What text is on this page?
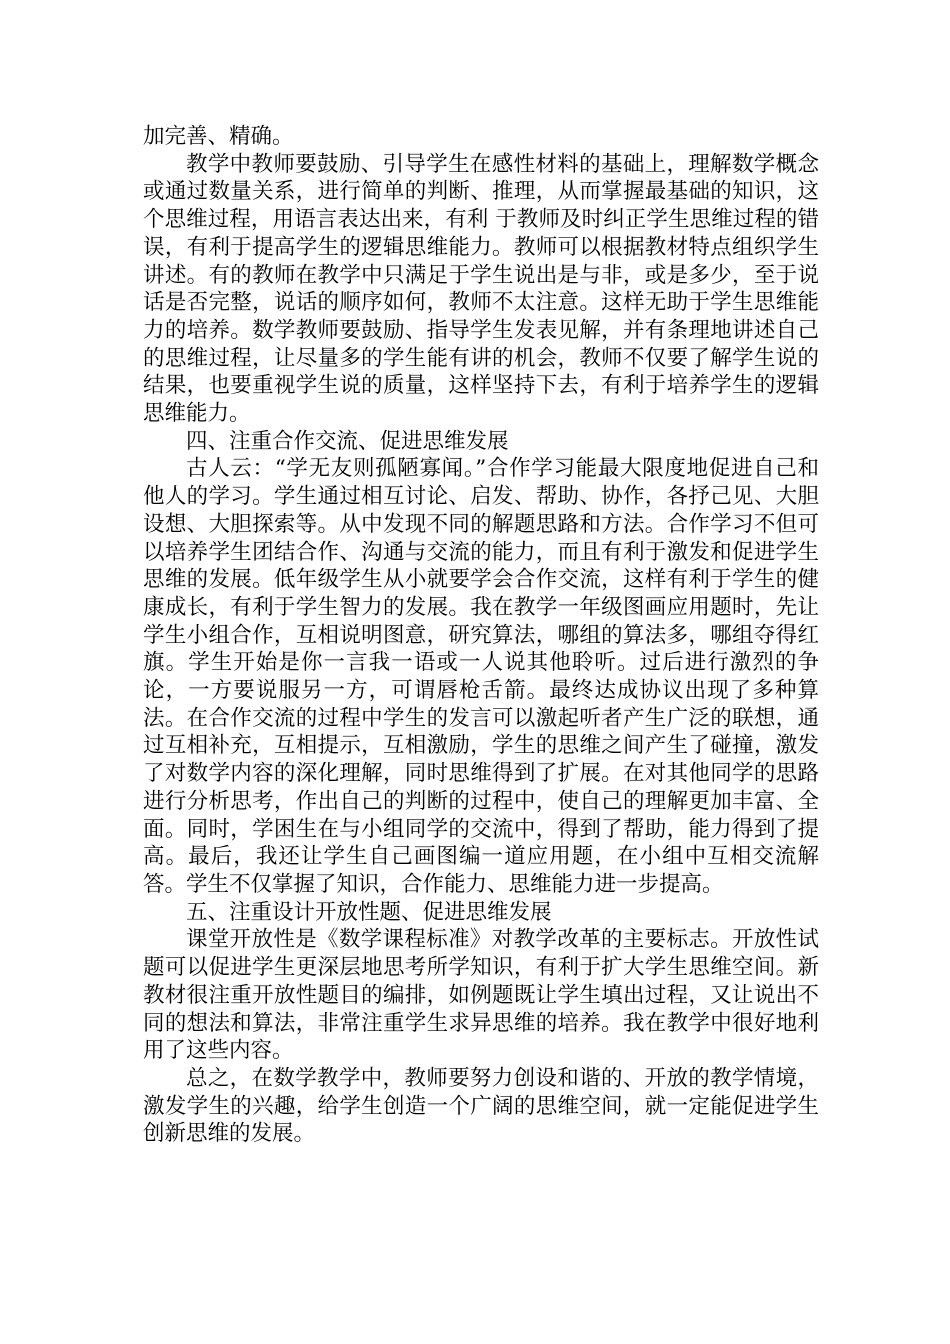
加完善、精确。

教学中教师要鼓励、引导学生在感性材料的基础上，理解数学概念或通过数量关系，进行简单的判断、推理，从而掌握最基础的知识，这个思维过程，用语言表达出来，有利 于教师及时纠正学生思维过程的错误，有利于提高学生的逻辑思维能力。教师可以根据教材特点组织学生讲述。有的教师在教学中只满足于学生说出是与非，或是多少，至于说话是否完整，说话的顺序如何，教师不太注意。这样无助于学生思维能力的培养。数学教师要鼓励、指导学生发表见解，并有条理地讲述自己的思维过程，让尽量多的学生能有讲的机会，教师不仅要了解学生说的结果，也要重视学生说的质量，这样坚持下去，有利于培养学生的逻辑思维能力。

四、注重合作交流、促进思维发展

古人云：“学无友则孤陋寡闻。”合作学习能最大限度地促进自己和他人的学习。学生通过相互讨论、启发、帮助、协作，各抒己见、大胆设想、大胆探索等。从中发现不同的解题思路和方法。合作学习不但可以培养学生团结合作、沟通与交流的能力，而且有利于激发和促进学生思维的发展。低年级学生从小就要学会合作交流，这样有利于学生的健康成长，有利于学生智力的发展。我在教学一年级图画应用题时，先让学生小组合作，互相说明图意，研究算法，哪组的算法多，哪组夺得红旗。学生开始是你一言我一语或一人说其他聆听。过后进行激烈的争论，一方要说服另一方，可谓唇枪舌箭。最终达成协议出现了多种算法。在合作交流的过程中学生的发言可以激起听者产生广泛的联想，通过互相补充，互相提示，互相激励，学生的思维之间产生了碰撞，激发了对数学内容的深化理解，同时思维得到了扩展。在对其他同学的思路进行分析思考，作出自己的判断的过程中，使自己的理解更加丰富、全面。同时，学困生在与小组同学的交流中，得到了帮助，能力得到了提高。最后，我还让学生自己画图编一道应用题，在小组中互相交流解答。学生不仅掌握了知识，合作能力、思维能力进一步提高。

五、注重设计开放性题、促进思维发展

课堂开放性是《数学课程标准》对教学改革的主要标志。开放性试题可以促进学生更深层地思考所学知识，有利于扩大学生思维空间。新教材很注重开放性题目的编排，如例题既让学生填出过程，又让说出不同的想法和算法，非常注重学生求异思维的培养。我在教学中很好地利用了这些内容。

总之，在数学教学中，教师要努力创设和谐的、开放的教学情境，激发学生的兴趣，给学生创造一个广阔的思维空间，就一定能促进学生创新思维的发展。
